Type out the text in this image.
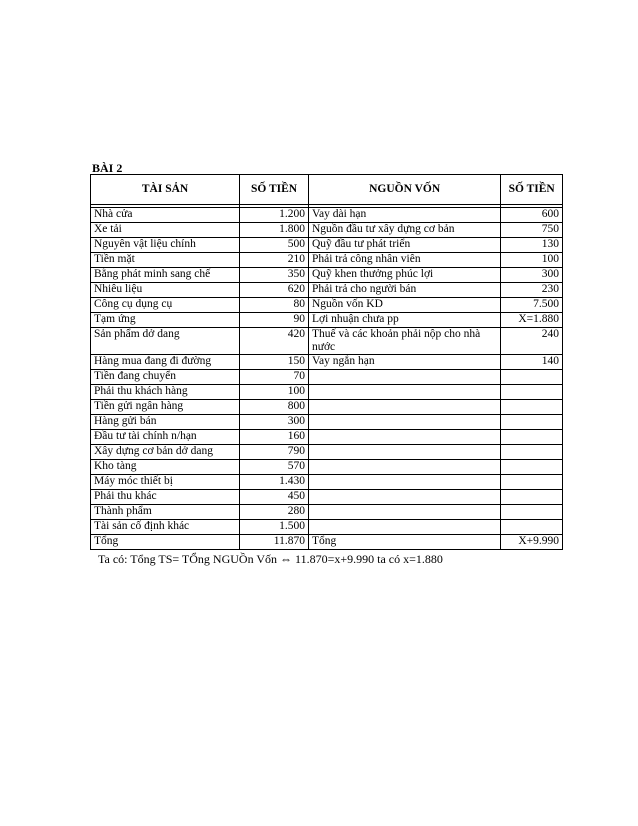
BÀI 2
TÀI SẢN	SỐ TIỀN	NGUỒN VỐN	SỐ TIỀN

Nhà cửa	1.200	Vay dài hạn	600
Xe tải	1.800	Nguồn đầu tư xây dựng cơ bản	750
Nguyên vật liệu chính	500	Quỹ đầu tư phát triển	130
Tiền mặt	210	Phải trả công nhân viên	100
Bằng phát minh sang chế	350	Quỹ khen thưởng phúc lợi	300
Nhiêu liệu	620	Phải trả cho người bán	230
Công cụ dụng cụ	80	Nguồn vốn KD	7.500
Tạm ứng	90	Lợi nhuận chưa pp	X=1.880
Sản phẩm dở dang	420	Thuế và các khoản phải nộp cho nhà nước	240
Hàng mua đang đi đường	150	Vay ngắn hạn	140
Tiền đang chuyển	70		
Phải thu khách hàng	100		
Tiền gửi ngân hàng	800		
Hàng gửi bán	300		
Đầu tư tài chính n/hạn	160		
Xây dựng cơ bản dở dang	790		
Kho tàng	570		
Máy móc thiết bị	1.430		
Phải thu khác	450		
Thành phẩm	280		
Tài sản cố định khác	1.500		
Tổng	11.870	Tổng	X+9.990
Ta có: Tổng TS= TỔng NGUỒn Vốn ⇔ 11.870=x+9.990 ta có x=1.880
